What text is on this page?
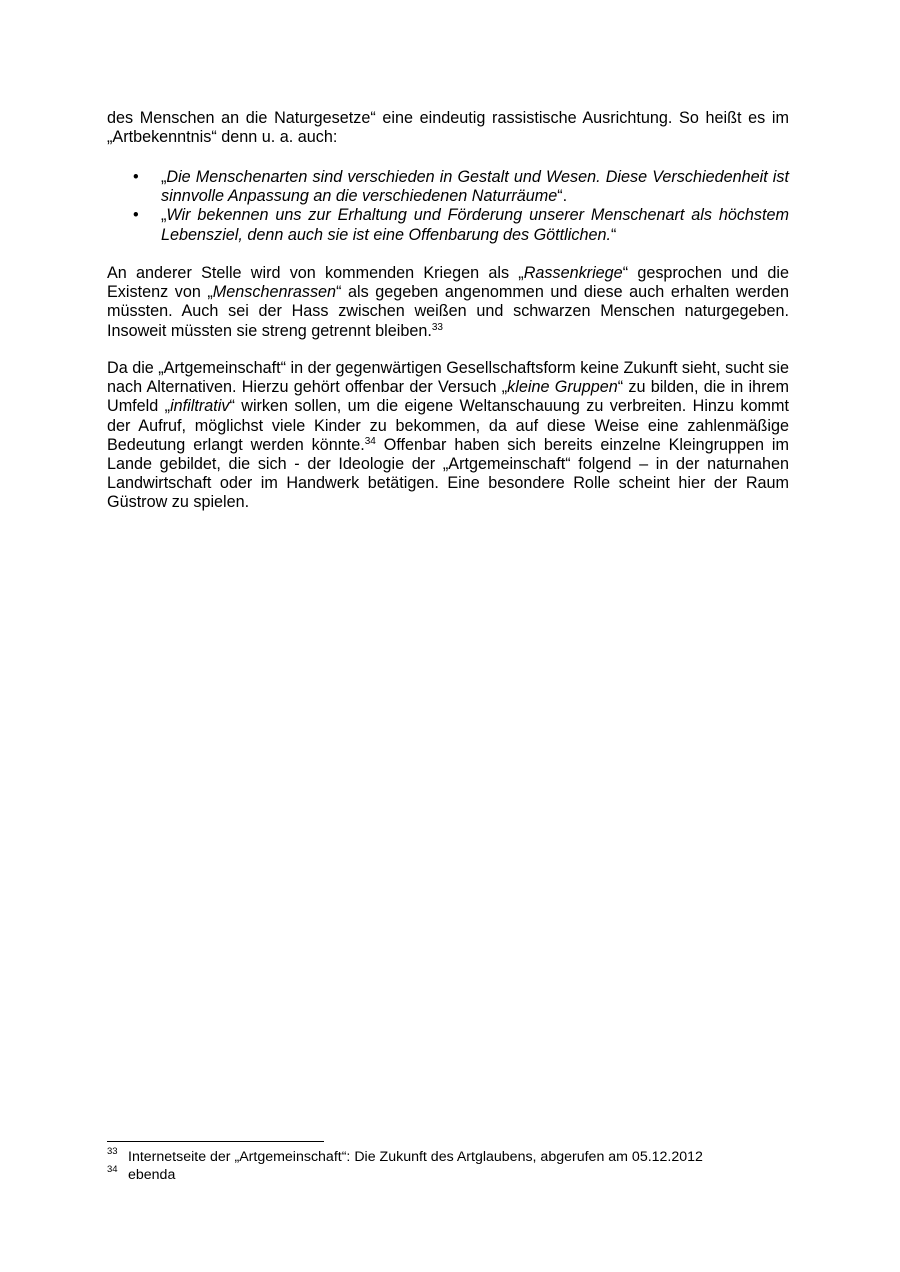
des Menschen an die Naturgesetze“ eine eindeutig rassistische Ausrichtung. So heißt es im „Artbekenntnis“ denn u. a. auch:
• „Die Menschenarten sind verschieden in Gestalt und Wesen. Diese Verschiedenheit ist sinnvolle Anpassung an die verschiedenen Naturräume“.
• „Wir bekennen uns zur Erhaltung und Förderung unserer Menschenart als höchstem Lebensziel, denn auch sie ist eine Offenbarung des Göttlichen.“
An anderer Stelle wird von kommenden Kriegen als „Rassenkriege“ gesprochen und die Existenz von „Menschenrassen“ als gegeben angenommen und diese auch erhalten werden müssten. Auch sei der Hass zwischen weißen und schwarzen Menschen naturgegeben. Insoweit müssten sie streng getrennt bleiben.$^{33}$
Da die „Artgemeinschaft“ in der gegenwärtigen Gesellschaftsform keine Zukunft sieht, sucht sie nach Alternativen. Hierzu gehört offenbar der Versuch „kleine Gruppen“ zu bilden, die in ihrem Umfeld „infiltrativ“ wirken sollen, um die eigene Weltanschauung zu verbreiten. Hinzu kommt der Aufruf, möglichst viele Kinder zu bekommen, da auf diese Weise eine zahlenmäßige Bedeutung erlangt werden könnte.$^{34}$ Offenbar haben sich bereits einzelne Kleingruppen im Lande gebildet, die sich - der Ideologie der „Artgemeinschaft“ folgend – in der naturnahen Landwirtschaft oder im Handwerk betätigen. Eine besondere Rolle scheint hier der Raum Güstrow zu spielen.
33 Internetseite der „Artgemeinschaft“: Die Zukunft des Artglaubens, abgerufen am 05.12.2012
34 ebenda
